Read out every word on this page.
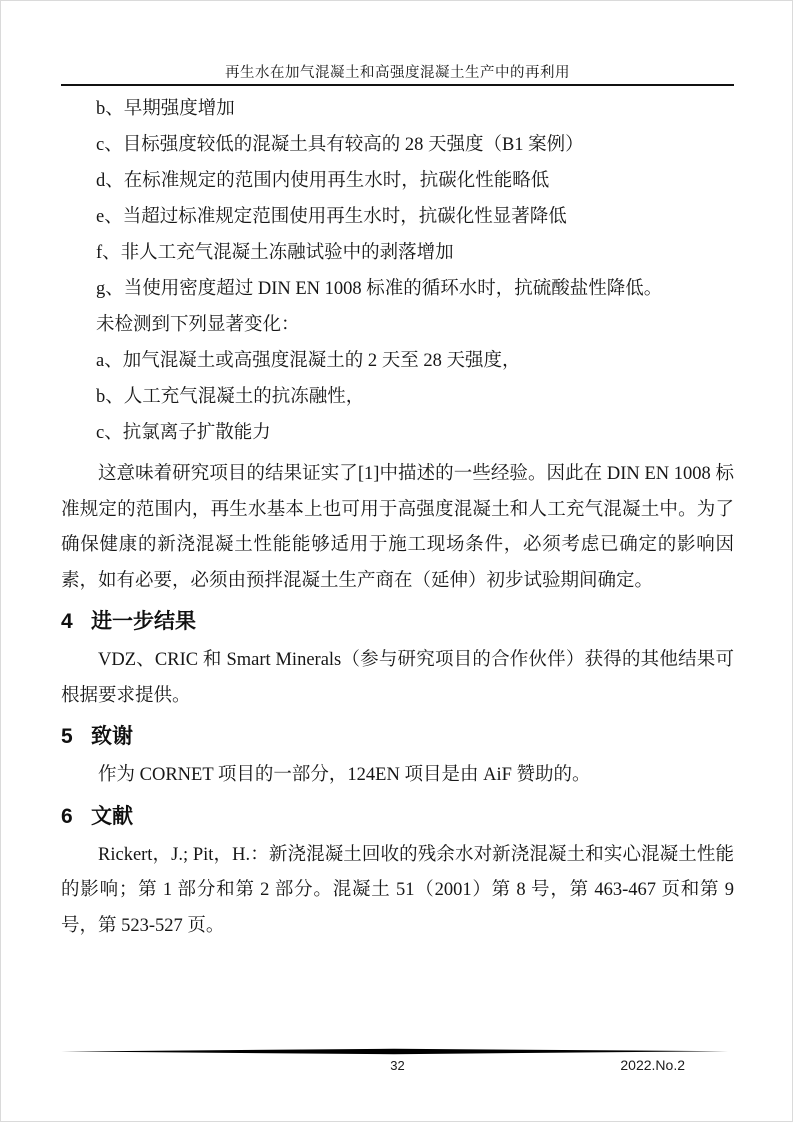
再生水在加气混凝土和高强度混凝土生产中的再利用

b、早期强度增加

c、目标强度较低的混凝土具有较高的 28 天强度（B1 案例）

d、在标准规定的范围内使用再生水时，抗碳化性能略低

e、当超过标准规定范围使用再生水时，抗碳化性显著降低

f、非人工充气混凝土冻融试验中的剥落增加

g、当使用密度超过 DIN EN 1008 标准的循环水时，抗硫酸盐性降低。

未检测到下列显著变化：

a、加气混凝土或高强度混凝土的 2 天至 28 天强度，

b、人工充气混凝土的抗冻融性，

c、抗氯离子扩散能力

这意味着研究项目的结果证实了[1]中描述的一些经验。因此在 DIN EN 1008 标准规定的范围内，再生水基本上也可用于高强度混凝土和人工充气混凝土中。为了确保健康的新浇混凝土性能能够适用于施工现场条件，必须考虑已确定的影响因素，如有必要，必须由预拌混凝土生产商在（延伸）初步试验期间确定。

4 进一步结果

VDZ、CRIC 和 Smart Minerals（参与研究项目的合作伙伴）获得的其他结果可根据要求提供。

5 致谢

作为 CORNET 项目的一部分，124EN 项目是由 AiF 赞助的。

6 文献

Rickert，J.; Pit，H.：新浇混凝土回收的残余水对新浇混凝土和实心混凝土性能的影响；第 1 部分和第 2 部分。混凝土 51（2001）第 8 号，第 463-467 页和第 9 号，第 523-527 页。

32	2022.No.2
